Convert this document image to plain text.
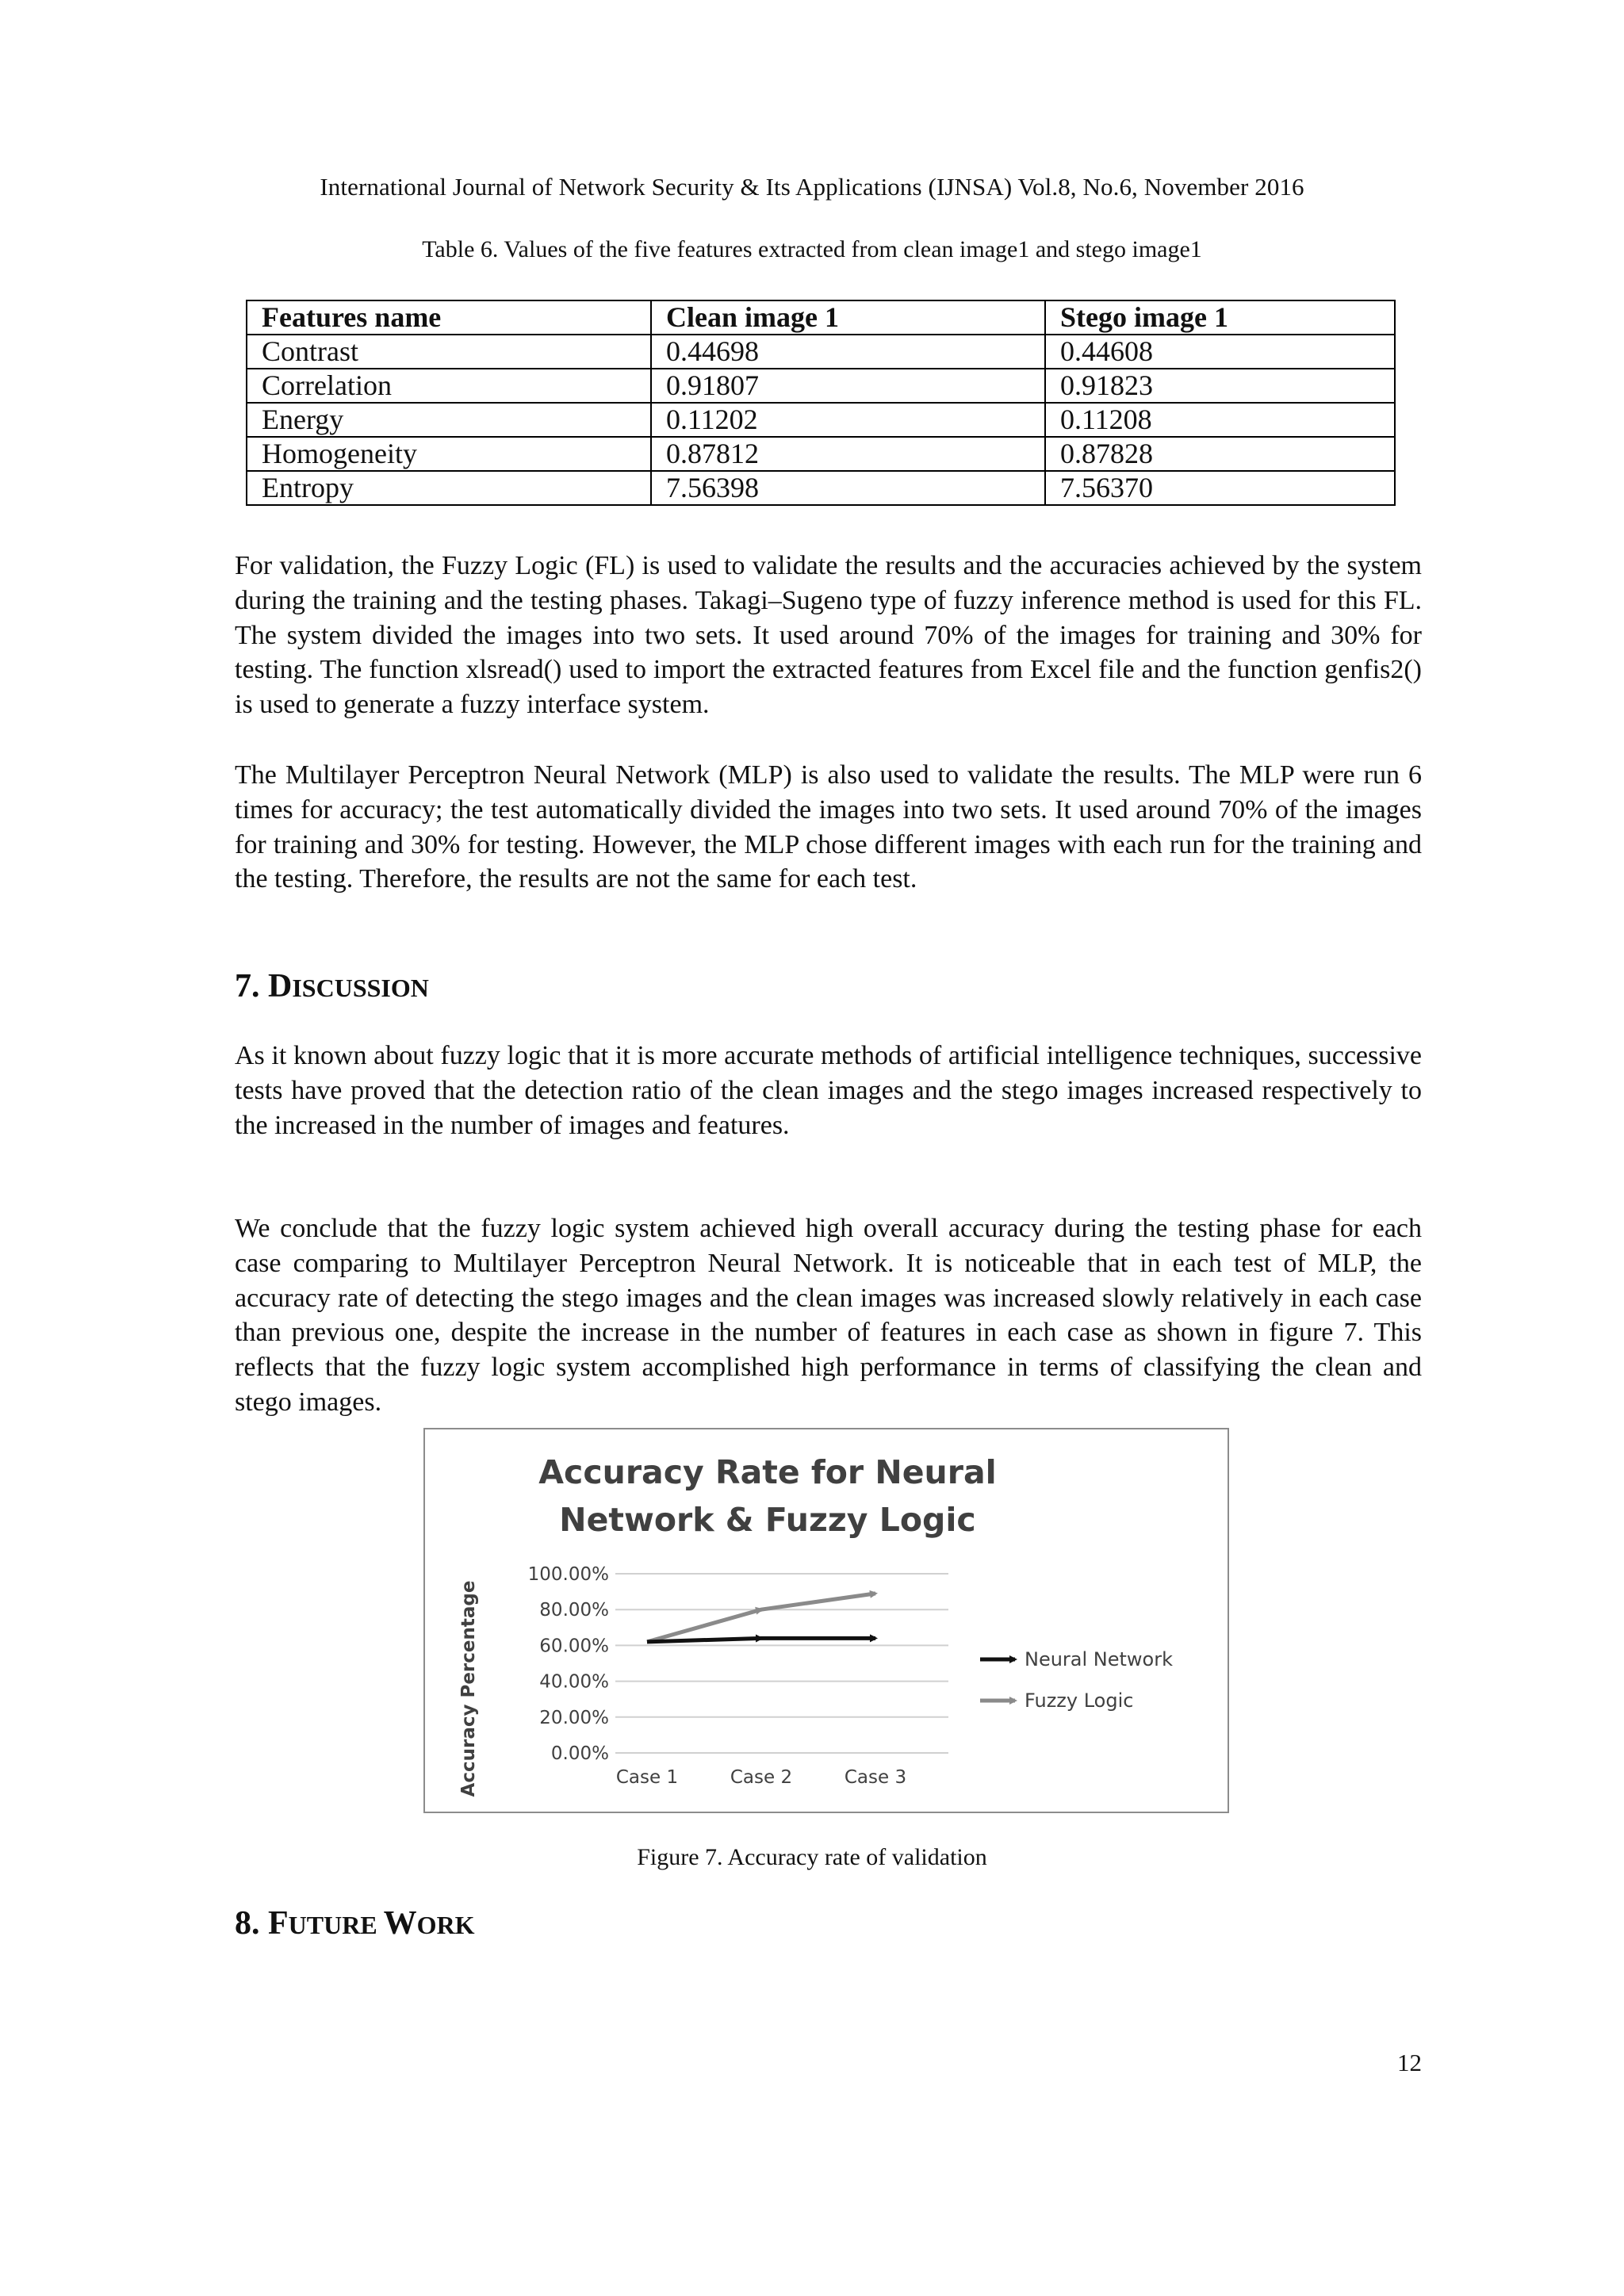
International Journal of Network Security & Its Applications (IJNSA) Vol.8, No.6, November 2016
Table 6. Values of the five features extracted from clean image1 and stego image1
Features name	Clean image 1	Stego image 1
Contrast	0.44698	0.44608
Correlation	0.91807	0.91823
Energy	0.11202	0.11208
Homogeneity	0.87812	0.87828
Entropy	7.56398	7.56370

For validation, the Fuzzy Logic (FL) is used to validate the results and the accuracies achieved by the system during the training and the testing phases. Takagi–Sugeno type of fuzzy inference method is used for this FL. The system divided the images into two sets. It used around 70% of the images for training and 30% for testing. The function xlsread() used to import the extracted features from Excel file and the function genfis2() is used to generate a fuzzy interface system.

The Multilayer Perceptron Neural Network (MLP) is also used to validate the results. The MLP were run 6 times for accuracy; the test automatically divided the images into two sets. It used around 70% of the images for training and 30% for testing. However, the MLP chose different images with each run for the training and the testing. Therefore, the results are not the same for each test.

7. DISCUSSION

As it known about fuzzy logic that it is more accurate methods of artificial intelligence techniques, successive tests have proved that the detection ratio of the clean images and the stego images increased respectively to the increased in the number of images and features.

We conclude that the fuzzy logic system achieved high overall accuracy during the testing phase for each case comparing to Multilayer Perceptron Neural Network. It is noticeable that in each test of MLP, the accuracy rate of detecting the stego images and the clean images was increased slowly relatively in each case than previous one, despite the increase in the number of features in each case as shown in figure 7. This reflects that the fuzzy logic system accomplished high performance in terms of classifying the clean and stego images.

Accuracy Rate for Neural
Network & Fuzzy Logic
Accuracy Percentage	0.00%
20.00%
40.00%
60.00%
80.00%
100.00%
Case 1	Case 2	Case 3
Neural Network
Fuzzy Logic
Figure 7. Accuracy rate of validation
8. FUTURE WORK
12
